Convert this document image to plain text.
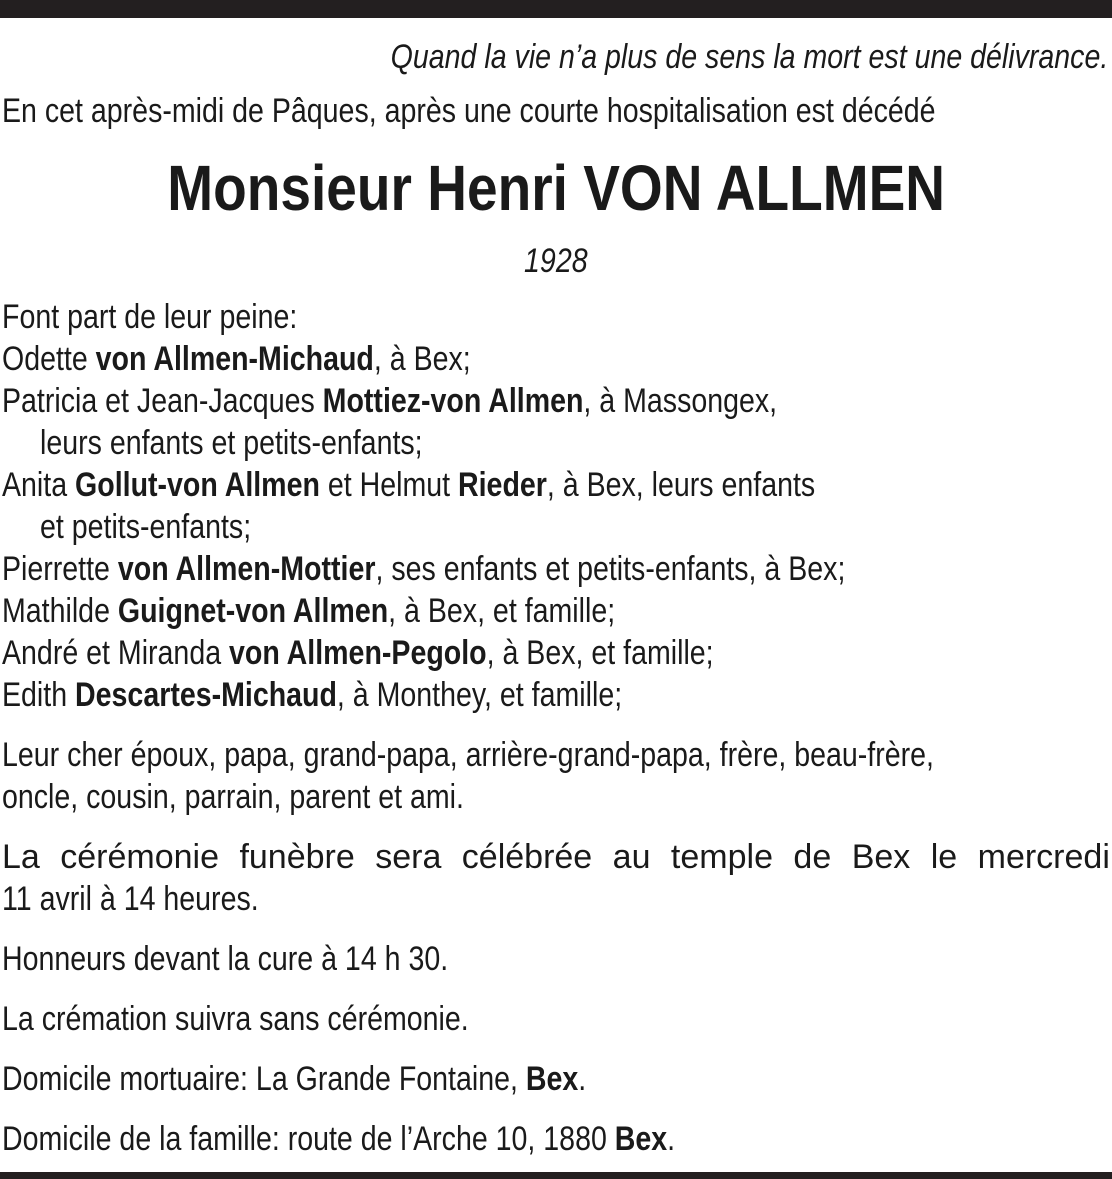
Quand la vie n’a plus de sens la mort est une délivrance.
En cet après-midi de Pâques, après une courte hospitalisation est décédé
Monsieur Henri VON ALLMEN
1928
Font part de leur peine:
Odette von Allmen-Michaud, à Bex;
Patricia et Jean-Jacques Mottiez-von Allmen, à Massongex,
leurs enfants et petits-enfants;
Anita Gollut-von Allmen et Helmut Rieder, à Bex, leurs enfants
et petits-enfants;
Pierrette von Allmen-Mottier, ses enfants et petits-enfants, à Bex;
Mathilde Guignet-von Allmen, à Bex, et famille;
André et Miranda von Allmen-Pegolo, à Bex, et famille;
Edith Descartes-Michaud, à Monthey, et famille;
Leur cher époux, papa, grand-papa, arrière-grand-papa, frère, beau-frère,
oncle, cousin, parrain, parent et ami.
La cérémonie funèbre sera célébrée au temple de Bex le mercredi
11 avril à 14 heures.
Honneurs devant la cure à 14 h 30.
La crémation suivra sans cérémonie.
Domicile mortuaire: La Grande Fontaine, Bex.
Domicile de la famille: route de l’Arche 10, 1880 Bex.
